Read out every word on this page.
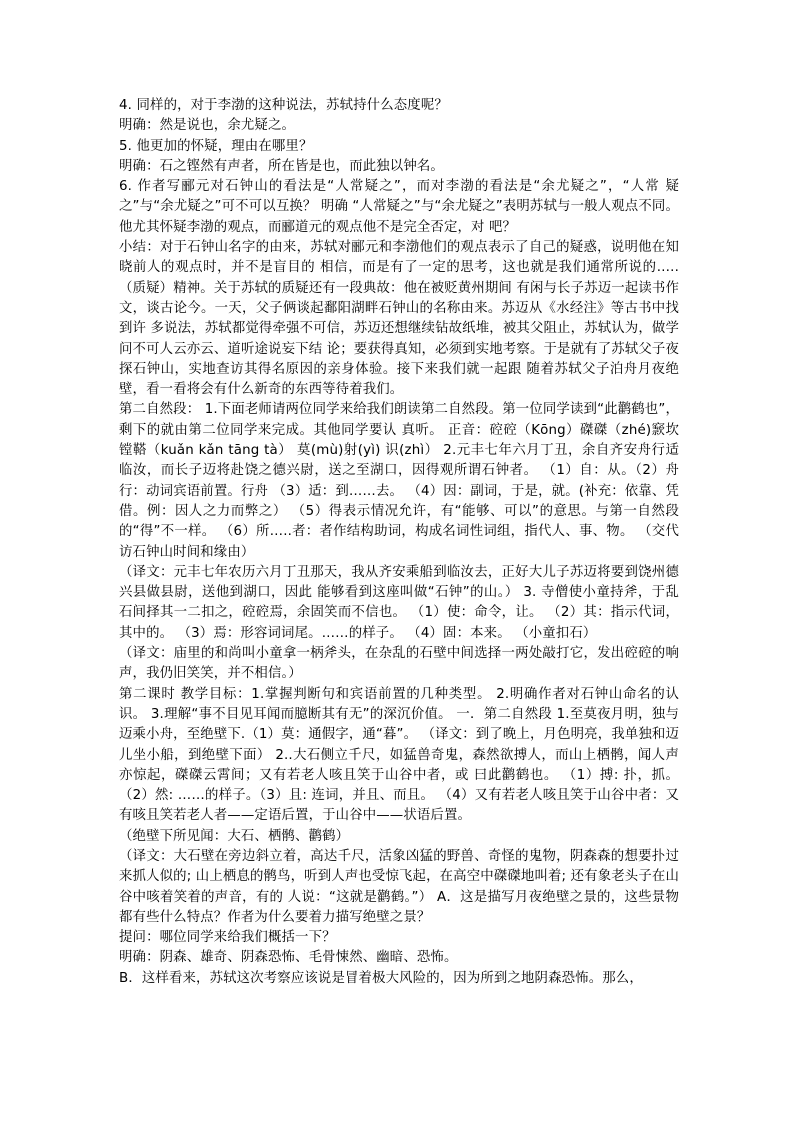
4. 同样的，对于李渤的这种说法，苏轼持什么态度呢？

明确：然是说也，余尤疑之。

5. 他更加的怀疑，理由在哪里？

明确：石之铿然有声者，所在皆是也，而此独以钟名。

6. 作者写郦元对石钟山的看法是“人常疑之”，而对李渤的看法是“余尤疑之”，“人常 疑之”与“余尤疑之”可不可以互换？ 明确 “人常疑之”与“余尤疑之”表明苏轼与一般人观点不同。他尤其怀疑李渤的观点，而郦道元的观点他不是完全否定，对 吧？

小结：对于石钟山名字的由来，苏轼对郦元和李渤他们的观点表示了自己的疑惑，说明他在知晓前人的观点时，并不是盲目的 相信，而是有了一定的思考，这也就是我们通常所说的…..（质疑）精神。关于苏轼的质疑还有一段典故：他在被贬黄州期间 有闲与长子苏迈一起读书作文，谈古论今。一天，父子俩谈起鄱阳湖畔石钟山的名称由来。苏迈从《水经注》等古书中找到许 多说法，苏轼都觉得牵强不可信，苏迈还想继续钻故纸堆，被其父阻止，苏轼认为，做学问不可人云亦云、道听途说妄下结 论；要获得真知，必须到实地考察。于是就有了苏轼父子夜探石钟山，实地查访其得名原因的亲身体验。接下来我们就一起跟 随着苏轼父子泊舟月夜绝壁，看一看将会有什么新奇的东西等待着我们。

第二自然段： 1.下面老师请两位同学来给我们朗读第二自然段。第一位同学读到“此鹳鹤也”，剩下的就由第二位同学来完成。其他同学要认 真听。 正音：硿硿（Kōng）磔磔（zhé)窾坎镗鞳（kuǎn kǎn tāng tà） 莫(mù)射(yì) 识(zhì） 2.元丰七年六月丁丑，余自齐安舟行适临汝，而长子迈将赴饶之德兴尉，送之至湖口，因得观所谓石钟者。 （1）自：从。（2）舟行：动词宾语前置。行舟 （3）适：到……去。 （4）因：副词，于是，就。(补充：依靠、凭借。例：因人之力而弊之） （5）得表示情况允许，有“能够、可以”的意思。与第一自然段的“得”不一样。 （6）所…..者：者作结构助词，构成名词性词组，指代人、事、物。 （交代访石钟山时间和缘由）

（译文：元丰七年农历六月丁丑那天，我从齐安乘船到临汝去，正好大儿子苏迈将要到饶州德兴县做县尉，送他到湖口，因此 能够看到这座叫做“石钟”的山。） 3. 寺僧使小童持斧，于乱石间择其一二扣之，硿硿焉，余固笑而不信也。 （1）使：命令，让。 （2）其：指示代词，其中的。 （3）焉：形容词词尾。……的样子。 （4）固：本来。 （小童扣石）

（译文：庙里的和尚叫小童拿一柄斧头，在杂乱的石壁中间选择一两处敲打它，发出硿硿的响声，我仍旧笑笑，并不相信。）

第二课时 教学目标：1.掌握判断句和宾语前置的几种类型。 2.明确作者对石钟山命名的认识。 3.理解“事不目见耳闻而臆断其有无”的深沉价值。 一．第二自然段 1.至莫夜月明，独与迈乘小舟，至绝壁下.（1）莫：通假字，通“暮”。 （译文：到了晚上，月色明亮，我单独和迈儿坐小船，到绝壁下面） 2..大石侧立千尺，如猛兽奇鬼，森然欲搏人，而山上栖鹘，闻人声亦惊起，磔磔云霄间；又有若老人咳且笑于山谷中者，或 曰此鹳鹤也。 （1）搏: 扑，抓。（2）然: ……的样子。（3）且: 连词，并且、而且。 （4）又有若老人咳且笑于山谷中者：又有咳且笑若老人者——定语后置，于山谷中——状语后置。

（绝壁下所见闻：大石、栖鹘、鹳鹤）

（译文：大石壁在旁边斜立着，高达千尺，活象凶猛的野兽、奇怪的鬼物，阴森森的想要扑过来抓人似的; 山上栖息的鹘鸟，听到人声也受惊飞起，在高空中磔磔地叫着; 还有象老头子在山谷中咳着笑着的声音，有的 人说：“这就是鹳鹤。”） A．这是描写月夜绝壁之景的，这些景物都有些什么特点？作者为什么要着力描写绝壁之景？

提问：哪位同学来给我们概括一下？

明确：阴森、雄奇、阴森恐怖、毛骨悚然、幽暗、恐怖。

B．这样看来，苏轼这次考察应该说是冒着极大风险的，因为所到之地阴森恐怖。那么，
